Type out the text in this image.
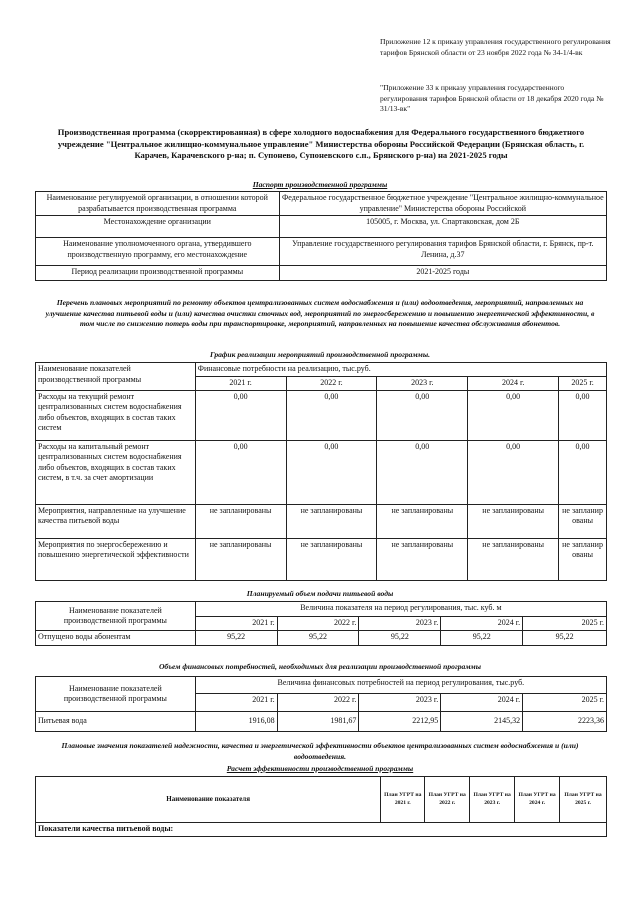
Приложение 12 к приказу управления государственного регулирования тарифов Брянской области от 23 ноября 2022 года № 34-1/4-вк
"Приложение 33 к приказу управления государственного регулирования тарифов Брянской области от 18 декабря 2020 года № 31/13-вк"
Производственная программа (скорректированная) в сфере холодного водоснабжения для Федерального государственного бюджетного учреждение "Центральное жилищно-коммунальное управление" Министерства обороны Российской Федерации (Брянская область, г. Карачев, Карачевского р-на; п. Супонево, Супоневского с.п., Брянского р-на) на 2021-2025 годы
Паспорт производственной программы
Наименование регулируемой организации, в отношении которой разрабатывается производственная программа	Федеральное государственное бюджетное учреждение "Центральное жилищно-коммунальное управление" Министерства обороны Российской
Местонахождение организации	105005, г. Москва, ул. Спартаковская, дом 2Б
Наименование уполномоченного органа, утвердившего производственную программу, его местонахождение	Управление государственного регулирования тарифов Брянской области, г. Брянск, пр-т. Ленина, д.37
Период реализации производственной программы	2021-2025 годы
Перечень плановых мероприятий по ремонту объектов централизованных систем водоснабжения и (или) водоотведения, мероприятий, направленных на улучшение качества питьевой воды и (или) качества очистки сточных вод, мероприятий по энергосбережению и повышению энергетической эффективности, в том числе по снижению потерь воды при транспортировке, мероприятий, направленных на повышение качества обслуживания абонентов.
График реализации мероприятий производственной программы.
Наименование показателей производственной программы	Финансовые потребности на реализацию, тыс.руб.				
	2021 г.	2022 г.	2023 г.	2024 г.	2025 г.
Расходы на текущий ремонт централизованных систем водоснабжения либо объектов, входящих в состав таких систем	0,00	0,00	0,00	0,00	0,00
Расходы на капитальный ремонт централизованных систем водоснабжения либо объектов, входящих в состав таких систем, в т.ч. за счет амортизации	0,00	0,00	0,00	0,00	0,00
Мероприятия, направленные на улучшение качества питьевой воды	не запланированы	не запланированы	не запланированы	не запланированы	не запланированы
Мероприятия по энергосбережению и повышению энергетической эффективности	не запланированы	не запланированы	не запланированы	не запланированы	не запланированы
Планируемый объем подачи питьевой воды
Наименование показателей производственной программы	Величина показателя на период регулирования, тыс. куб. м				
	2021 г.	2022 г.	2023 г.	2024 г.	2025 г.
Отпущено воды абонентам	95,22	95,22	95,22	95,22	95,22
Объем финансовых потребностей, необходимых для реализации производственной программы
Наименование показателей производственной программы	Величина финансовых потребностей на период регулирования, тыс.руб.				
	2021 г.	2022 г.	2023 г.	2024 г.	2025 г.
Питьевая вода	1916,08	1981,67	2212,95	2145,32	2223,36
Плановые значения показателей надежности, качества и энергетической эффективности объектов централизованных систем водоснабжения и (или) водоотведения.
Расчет эффективности производственной программы
Наименование показателя	План УГРТ на 2021 г.	План УГРТ на 2022 г.	План УГРТ на 2023 г.	План УГРТ на 2024 г.	План УГРТ на 2025 г.
Показатели качества питьевой воды:
